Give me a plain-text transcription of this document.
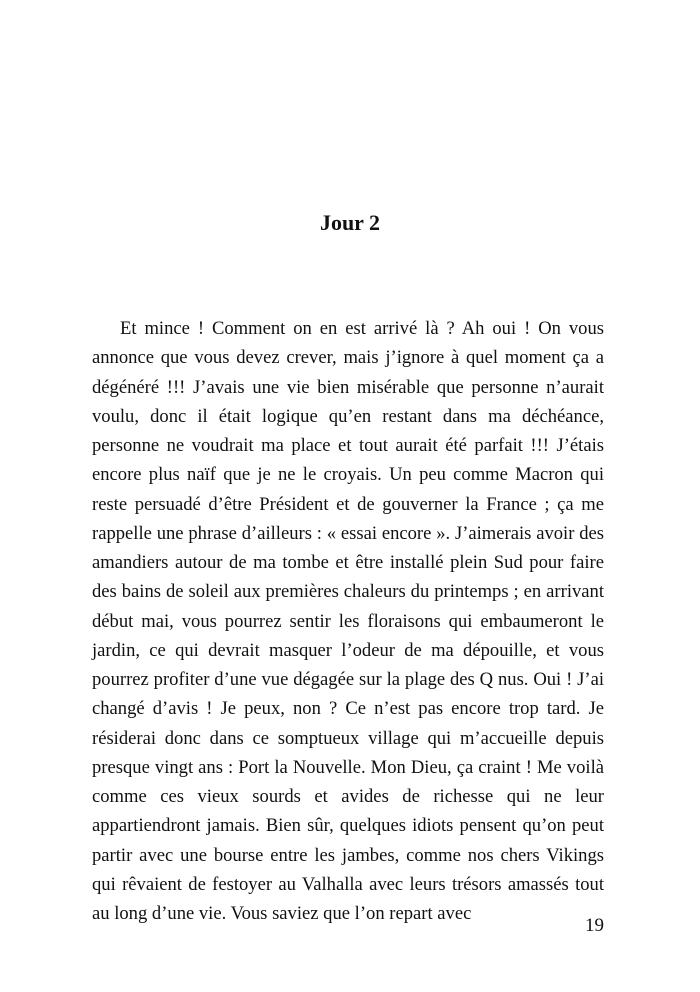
Jour 2

Et mince ! Comment on en est arrivé là ? Ah oui ! On vous annonce que vous devez crever, mais j’ignore à quel moment ça a dégénéré !!! J’avais une vie bien misérable que personne n’aurait voulu, donc il était logique qu’en restant dans ma déchéance, personne ne voudrait ma place et tout aurait été parfait !!! J’étais encore plus naïf que je ne le croyais. Un peu comme Macron qui reste persuadé d’être Président et de gouverner la France ; ça me rappelle une phrase d’ailleurs : « essai encore ». J’aimerais avoir des amandiers autour de ma tombe et être installé plein Sud pour faire des bains de soleil aux premières chaleurs du printemps ; en arrivant début mai, vous pourrez sentir les floraisons qui embaumeront le jardin, ce qui devrait masquer l’odeur de ma dépouille, et vous pourrez profiter d’une vue dégagée sur la plage des Q nus. Oui ! J’ai changé d’avis ! Je peux, non ? Ce n’est pas encore trop tard. Je résiderai donc dans ce somptueux village qui m’accueille depuis presque vingt ans : Port la Nouvelle. Mon Dieu, ça craint ! Me voilà comme ces vieux sourds et avides de richesse qui ne leur appartiendront jamais. Bien sûr, quelques idiots pensent qu’on peut partir avec une bourse entre les jambes, comme nos chers Vikings qui rêvaient de festoyer au Valhalla avec leurs trésors amassés tout au long d’une vie. Vous saviez que l’on repart avec

19
